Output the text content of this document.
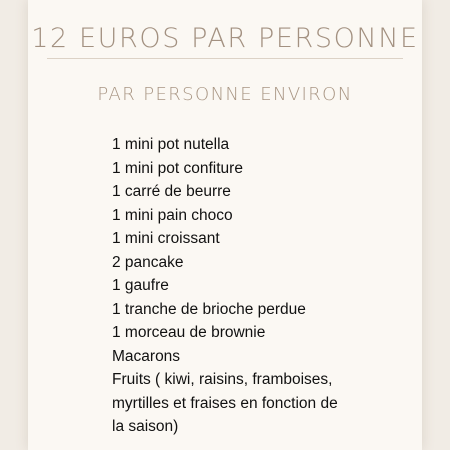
12 EUROS PAR PERSONNE
PAR PERSONNE ENVIRON
1 mini pot nutella
1 mini pot confiture
1 carré de beurre
1 mini pain choco
1 mini croissant
2 pancake
1 gaufre
1 tranche de brioche perdue
1 morceau de brownie
Macarons
Fruits ( kiwi, raisins, framboises,
myrtilles et fraises en fonction de
la saison)
